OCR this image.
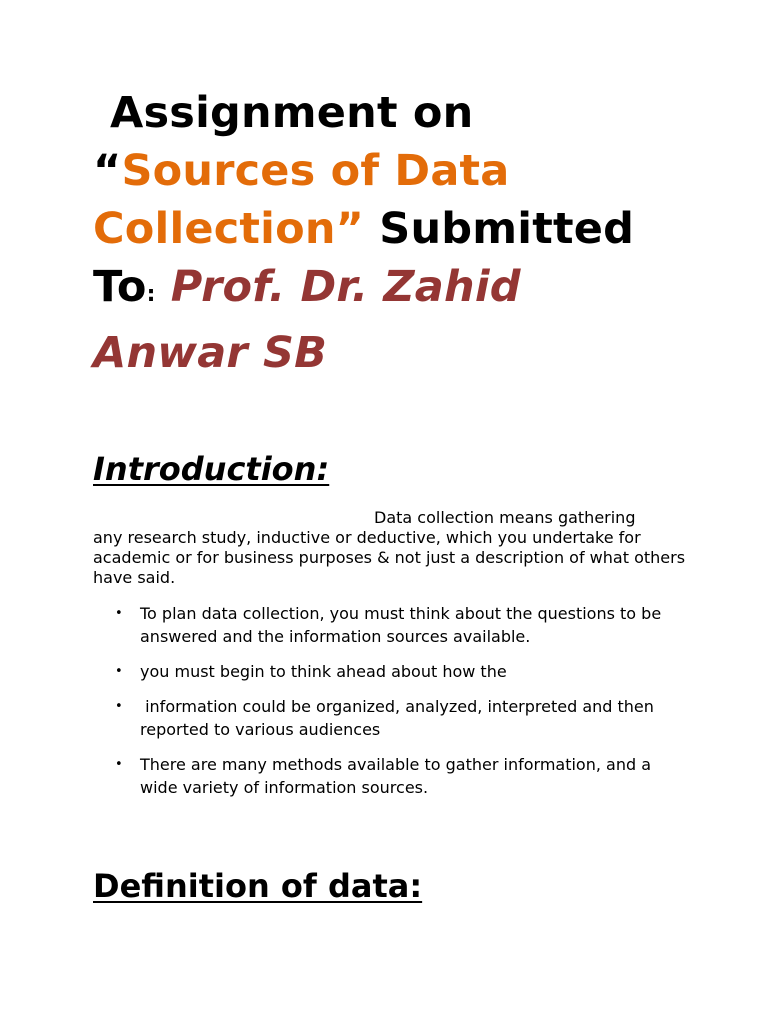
Assignment on
“Sources of Data
Collection” Submitted
To: Prof. Dr. Zahid
Anwar SB
Introduction:

Data collection means gathering
any research study, inductive or deductive, which you undertake for academic or for business purposes & not just a description of what others have said.

• To plan data collection, you must think about the questions to be answered and the information sources available.
• you must begin to think ahead about how the
• information could be organized, analyzed, interpreted and then reported to various audiences
• There are many methods available to gather information, and a wide variety of information sources.
Definition of data:
